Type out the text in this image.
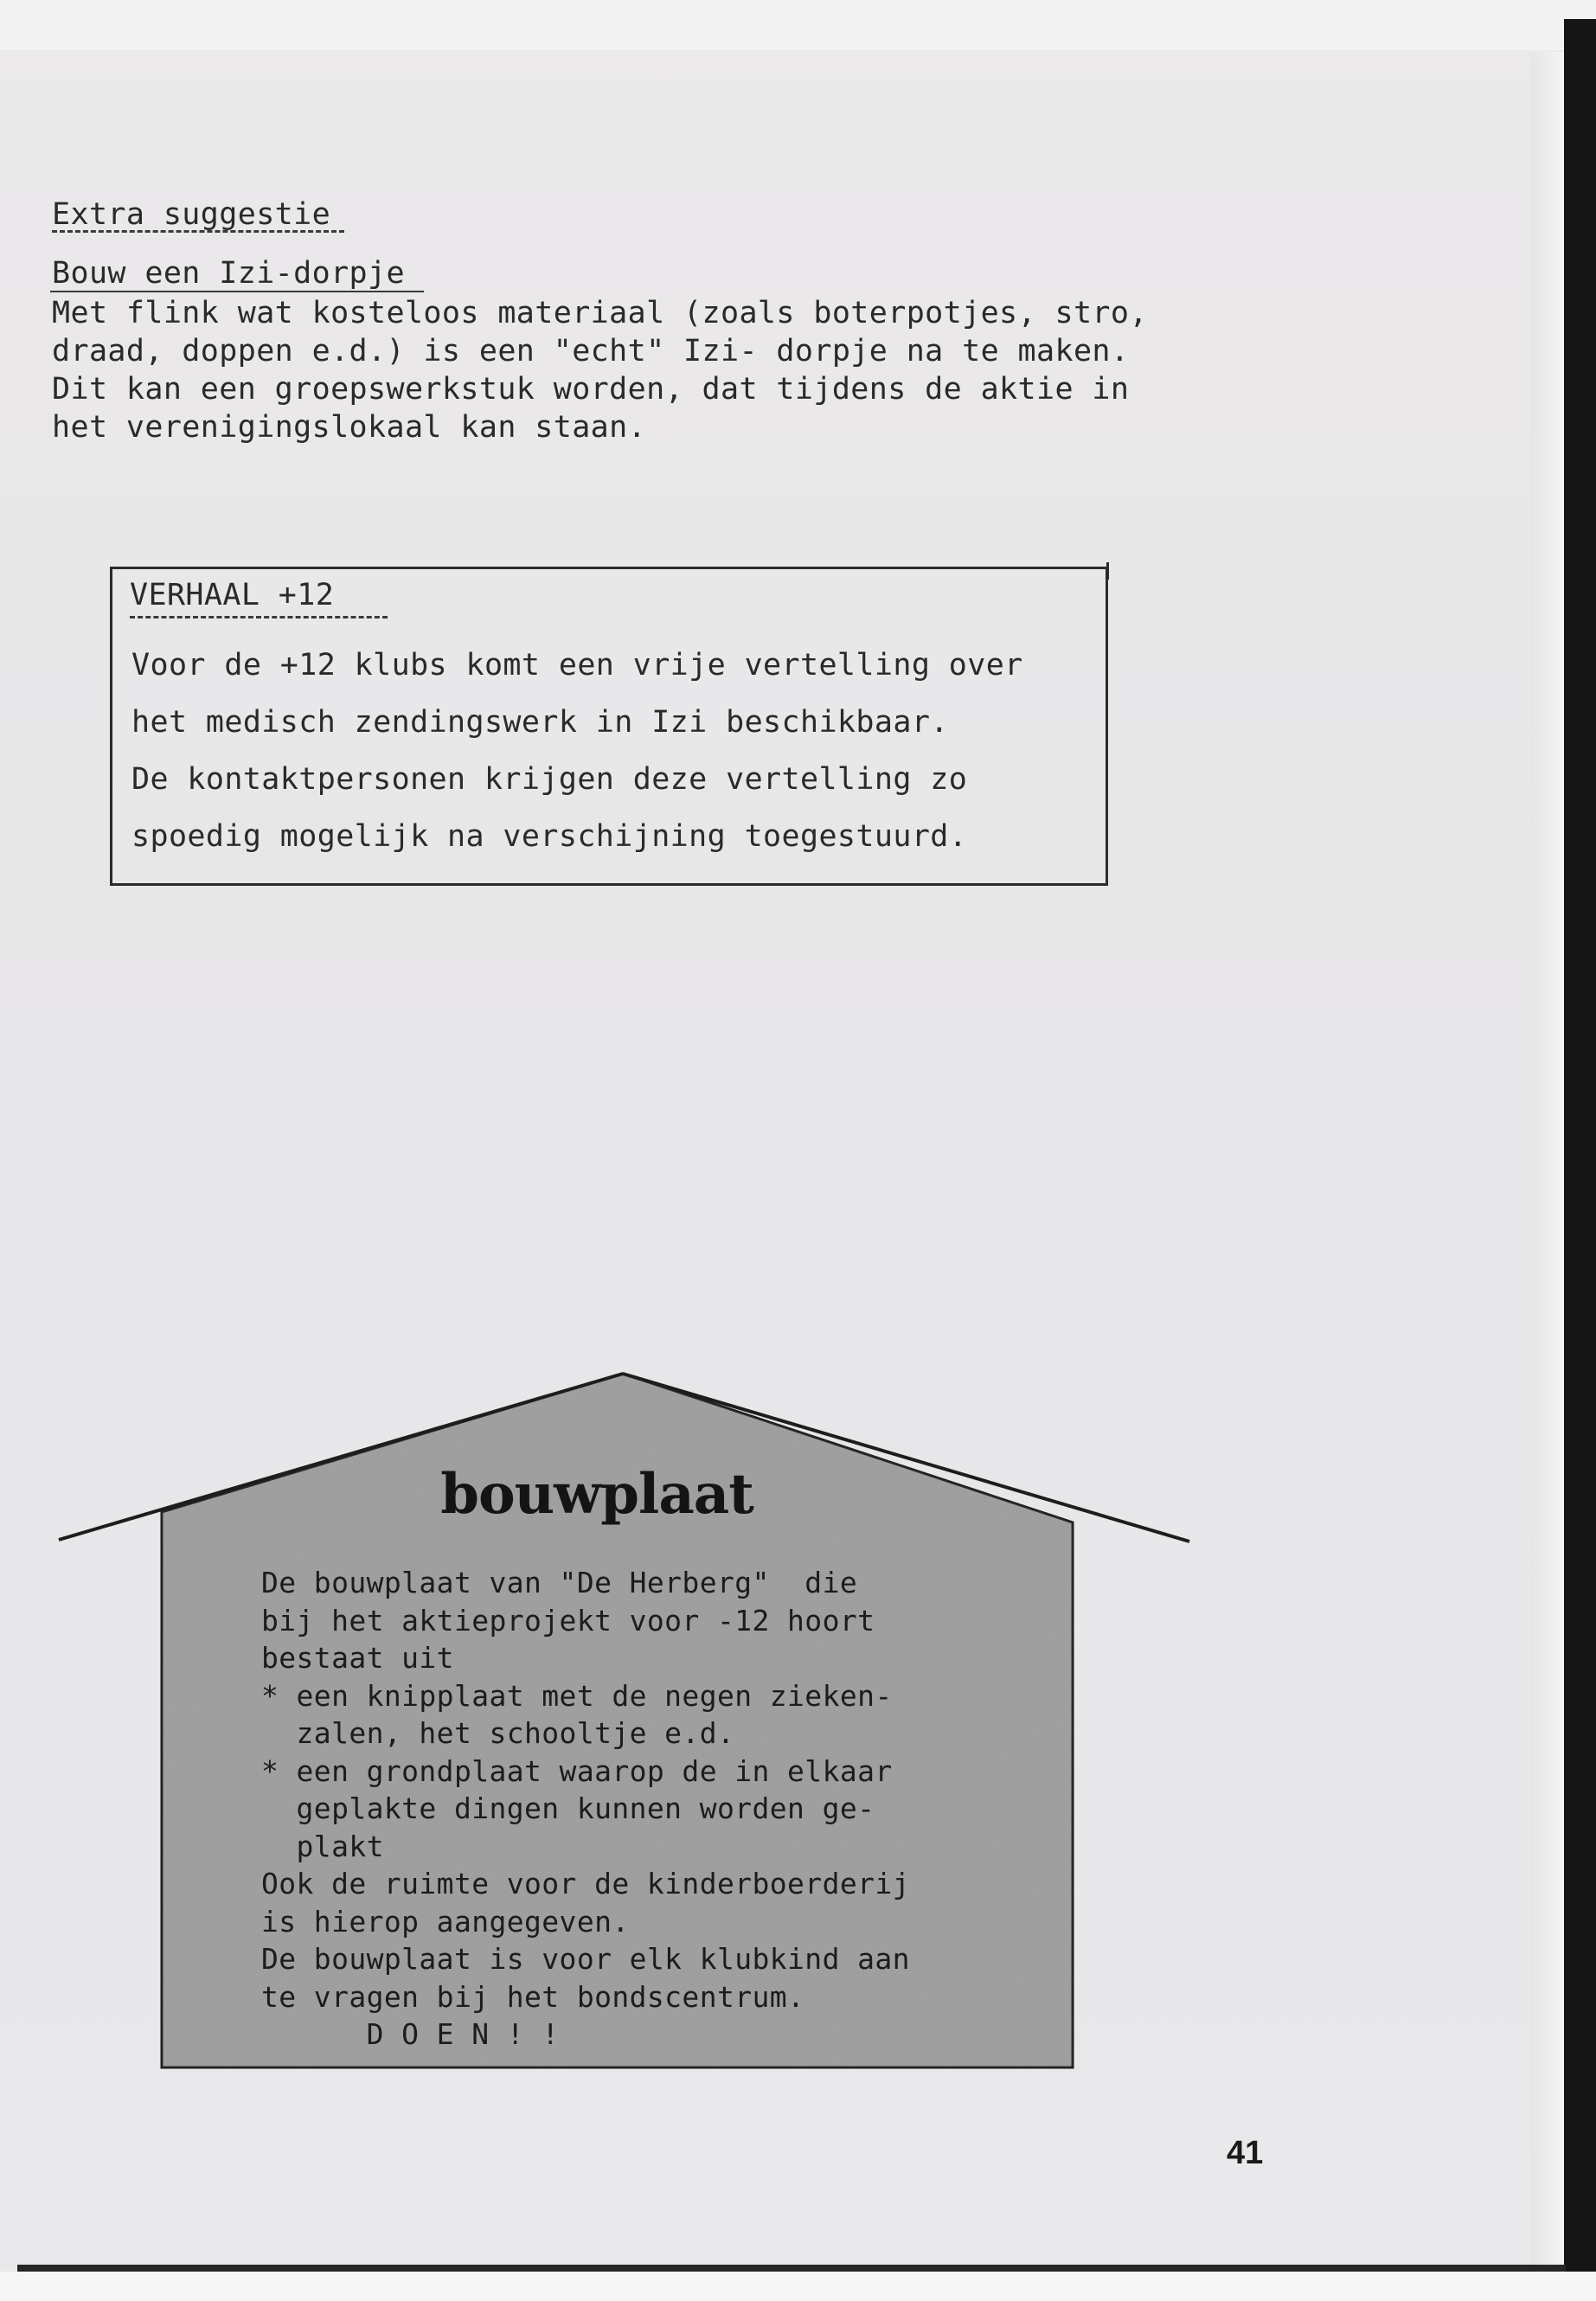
Extra suggestie
Bouw een Izi-dorpje
Met flink wat kosteloos materiaal (zoals boterpotjes, stro,
draad, doppen e.d.) is een "echt" Izi- dorpje na te maken.
Dit kan een groepswerkstuk worden, dat tijdens de aktie in
het verenigingslokaal kan staan.
VERHAAL +12
Voor de +12 klubs komt een vrije vertelling over
het medisch zendingswerk in Izi beschikbaar.
De kontaktpersonen krijgen deze vertelling zo
spoedig mogelijk na verschijning toegestuurd.
bouwplaat
De bouwplaat van "De Herberg"  die
bij het aktieprojekt voor -12 hoort
bestaat uit
* een knipplaat met de negen zieken-
zalen, het schooltje e.d.
* een grondplaat waarop de in elkaar
geplakte dingen kunnen worden ge-
plakt
Ook de ruimte voor de kinderboerderij
is hierop aangegeven.
De bouwplaat is voor elk klubkind aan
te vragen bij het bondscentrum.
D O E N ! !
41
